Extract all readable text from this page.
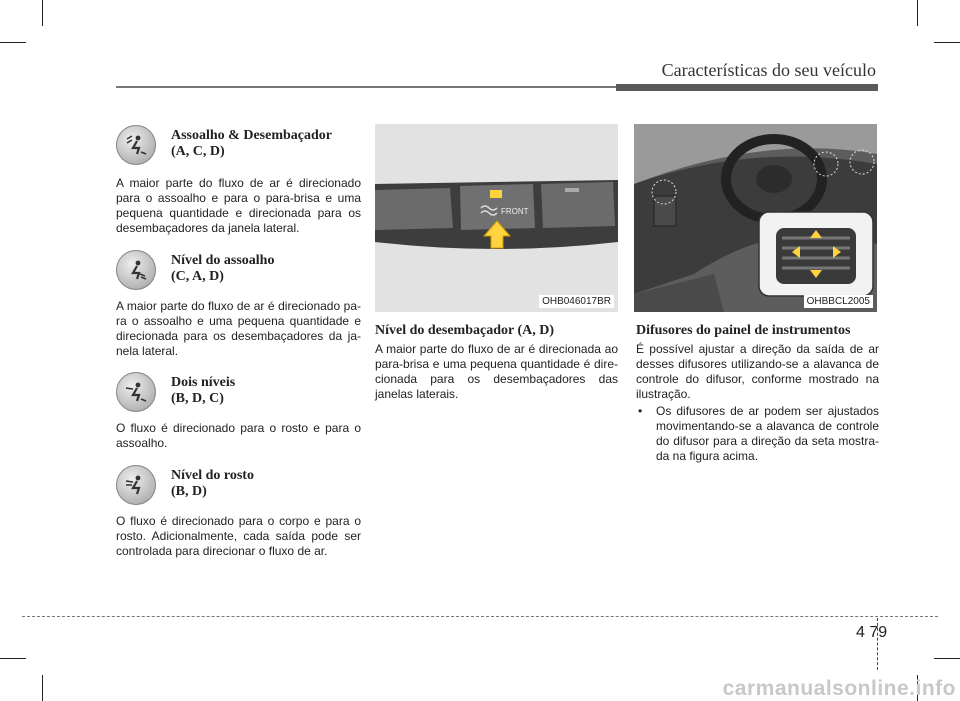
Características do seu veículo
Assoalho & Desembaçador
(A, C, D)
A maior parte do fluxo de ar é direcionado para o assoalho e para o para-brisa e uma pequena quantidade e direcionada para os desembaçadores da janela lateral.
Nível do assoalho
(C, A, D)
A maior parte do fluxo de ar é direcionado pa-ra o assoalho e uma pequena quantidade e direcionada para os desembaçadores da ja-nela lateral.
Dois níveis
(B, D, C)
O fluxo é direcionado para o rosto e para o assoalho.
Nível do rosto
(B, D)
O fluxo é direcionado para o corpo e para o rosto. Adicionalmente, cada saída pode ser controlada para direcionar o fluxo de ar.
FRONT
OHB046017BR
Nível do desembaçador (A, D)
A maior parte do fluxo de ar é direcionada ao para-brisa e uma pequena quantidade é dire-cionada para os desembaçadores das janelas laterais.
OHBBCL2005
Difusores do painel de instrumentos
É possível ajustar a direção da saída de ar desses difusores utilizando-se a alavanca de controle do difusor, conforme mostrado na ilustração.
• Os difusores de ar podem ser ajustados movimentando-se a alavanca de controle do difusor para a direção da seta mostra-da na figura acima.
4 79
carmanualsonline.info
